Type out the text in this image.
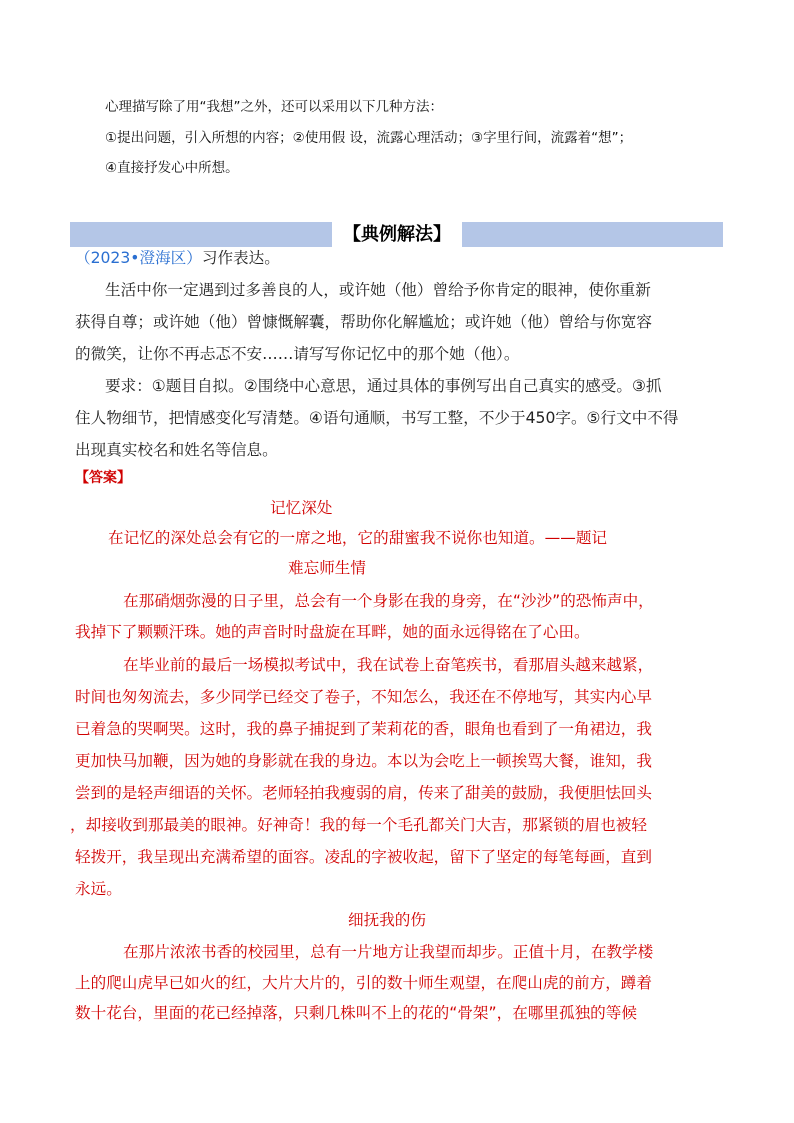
心理描写除了用“我想”之外，还可以采用以下几种方法：
①提出问题，引入所想的内容；②使用假 设，流露心理活动；③字里行间，流露着“想”；
④直接抒发心中所想。
【典例解法】
（2023•澄海区）习作表达。
生活中你一定遇到过多善良的人，或许她（他）曾给予你肯定的眼神，使你重新
获得自尊；或许她（他）曾慷慨解囊，帮助你化解尴尬；或许她（他）曾给与你宽容
的微笑，让你不再忐忑不安……请写写你记忆中的那个她（他）。
要求：①题目自拟。②围绕中心意思，通过具体的事例写出自己真实的感受。③抓
住人物细节，把情感变化写清楚。④语句通顺，书写工整，不少于450字。⑤行文中不得
出现真实校名和姓名等信息。
【答案】
记忆深处
在记忆的深处总会有它的一席之地，它的甜蜜我不说你也知道。——题记
难忘师生情
在那硝烟弥漫的日子里，总会有一个身影在我的身旁，在“沙沙”的恐怖声中，
我掉下了颗颗汗珠。她的声音时时盘旋在耳畔，她的面永远得铭在了心田。
在毕业前的最后一场模拟考试中，我在试卷上奋笔疾书，看那眉头越来越紧，
时间也匆匆流去，多少同学已经交了卷子，不知怎么，我还在不停地写，其实内心早
已着急的哭啊哭。这时，我的鼻子捕捉到了茉莉花的香，眼角也看到了一角裙边，我
更加快马加鞭，因为她的身影就在我的身边。本以为会吃上一顿挨骂大餐，谁知，我
尝到的是轻声细语的关怀。老师轻拍我瘦弱的肩，传来了甜美的鼓励，我便胆怯回头
，却接收到那最美的眼神。好神奇！我的每一个毛孔都关门大吉，那紧锁的眉也被轻
轻拨开，我呈现出充满希望的面容。凌乱的字被收起，留下了坚定的每笔每画，直到
永远。
细抚我的伤
在那片浓浓书香的校园里，总有一片地方让我望而却步。正值十月，在教学楼
上的爬山虎早已如火的红，大片大片的，引的数十师生观望，在爬山虎的前方，蹲着
数十花台，里面的花已经掉落，只剩几株叫不上的花的“骨架”，在哪里孤独的等候
